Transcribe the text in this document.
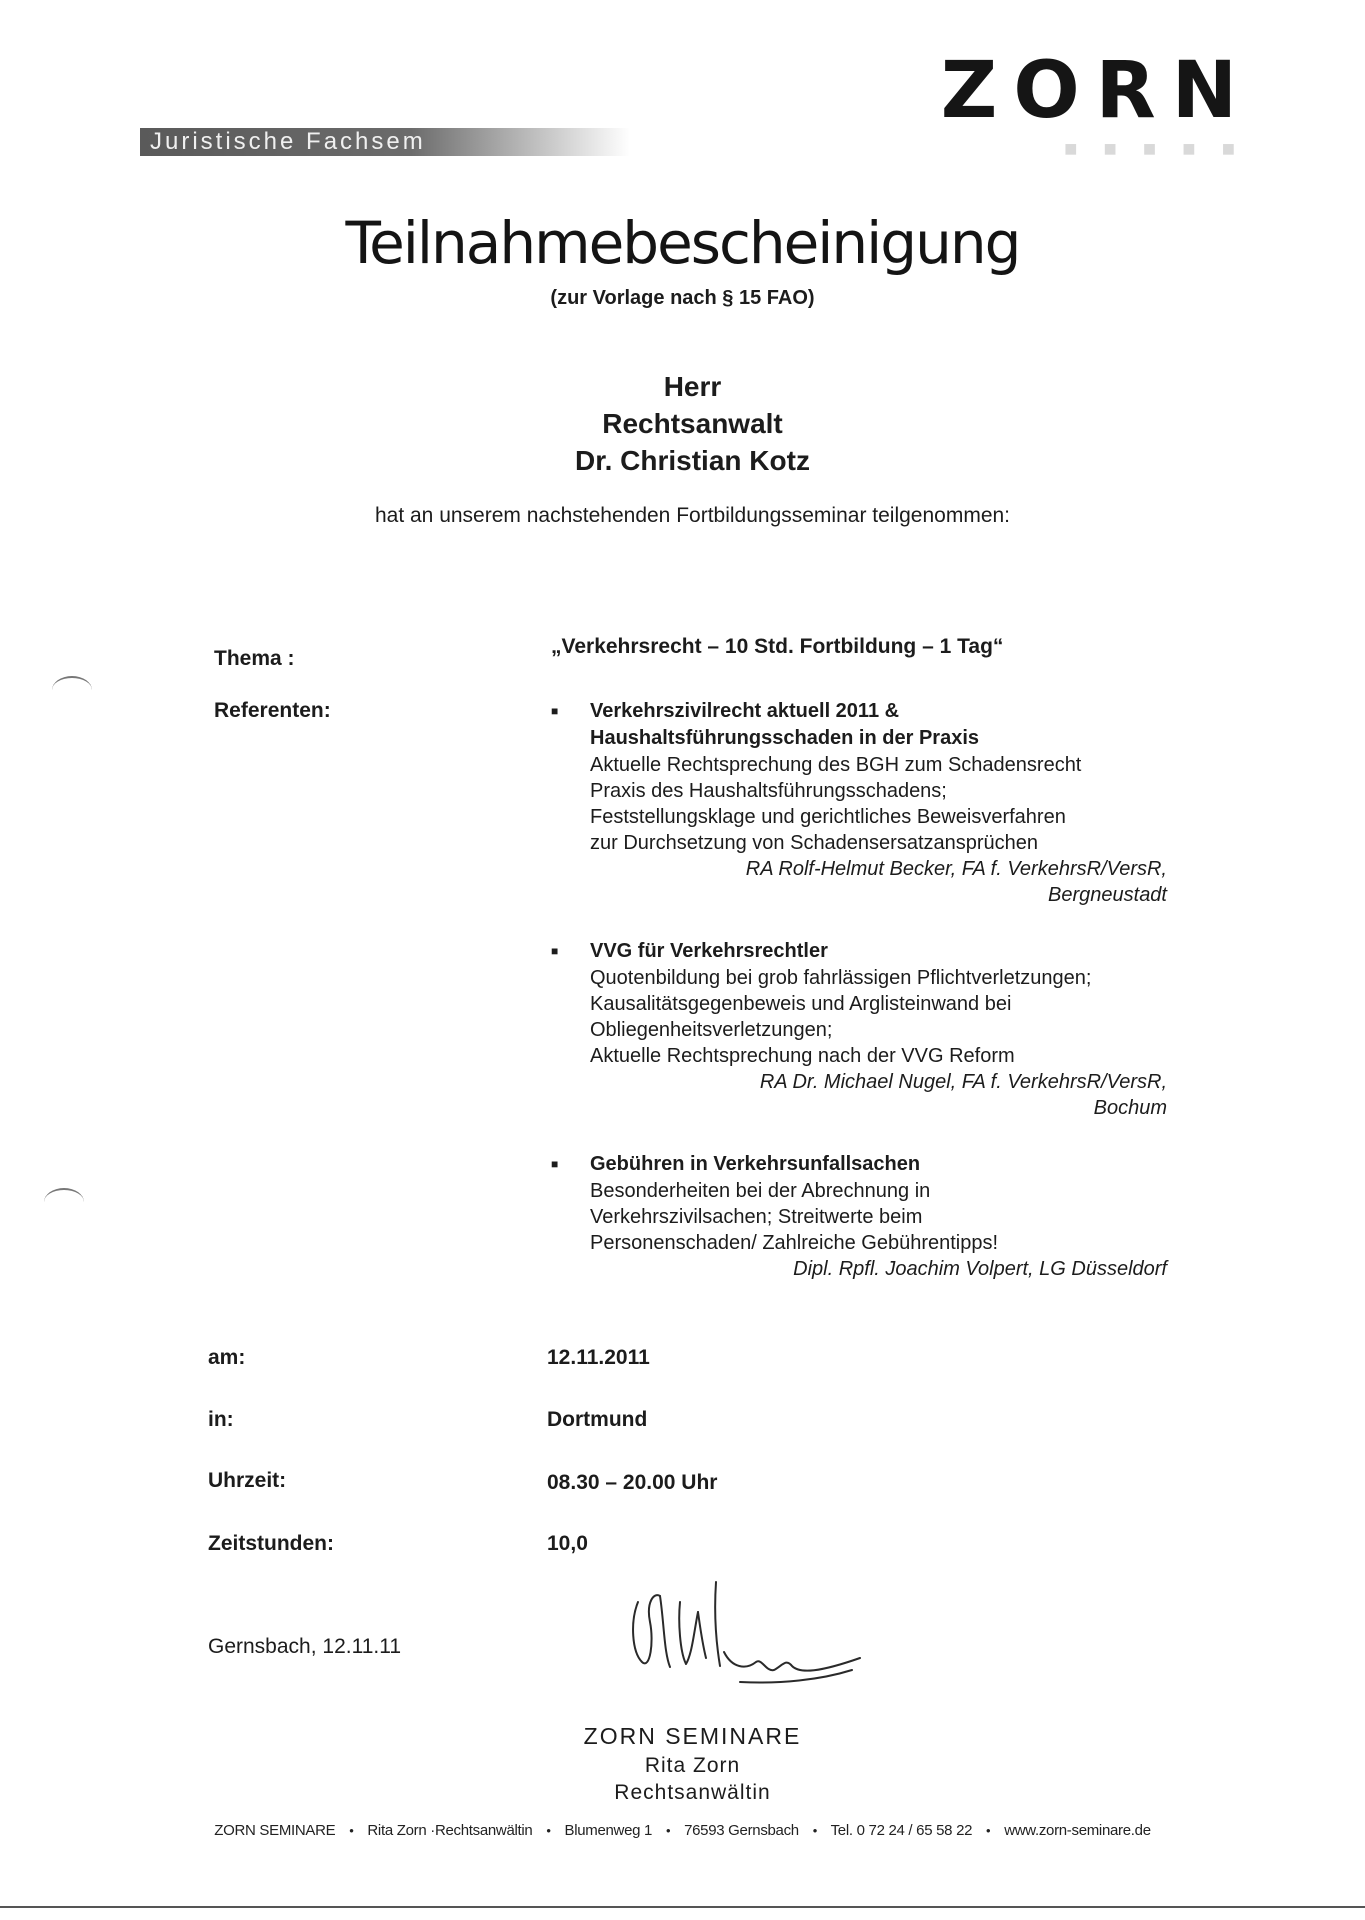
ZORN
■ ■ ■ ■ ■
Juristische Fachsem
Teilnahmebescheinigung
(zur Vorlage nach § 15 FAO)
Herr
Rechtsanwalt
Dr. Christian Kotz
hat an unserem nachstehenden Fortbildungsseminar teilgenommen:
Thema :
„Verkehrsrecht – 10 Std. Fortbildung – 1 Tag“
Referenten:	■ Verkehrszivilrecht aktuell 2011 &
Haushaltsführungsschaden in der Praxis
Aktuelle Rechtsprechung des BGH zum Schadensrecht
Praxis des Haushaltsführungsschadens;
Feststellungsklage und gerichtliches Beweisverfahren
zur Durchsetzung von Schadensersatzansprüchen
RA Rolf-Helmut Becker, FA f. VerkehrsR/VersR,
Bergneustadt
■ VVG für Verkehrsrechtler
Quotenbildung bei grob fahrlässigen Pflichtverletzungen;
Kausalitätsgegenbeweis und Arglisteinwand bei
Obliegenheitsverletzungen;
Aktuelle Rechtsprechung nach der VVG Reform
RA Dr. Michael Nugel, FA f. VerkehrsR/VersR,
Bochum
■ Gebühren in Verkehrsunfallsachen
Besonderheiten bei der Abrechnung in
Verkehrszivilsachen; Streitwerte beim
Personenschaden/ Zahlreiche Gebührentipps!
Dipl. Rpfl. Joachim Volpert, LG Düsseldorf
am:	12.11.2011
in:	Dortmund
Uhrzeit:	08.30 – 20.00 Uhr
Zeitstunden:	10,0
Gernsbach, 12.11.11
ZORN SEMINARE
Rita Zorn
Rechtsanwältin
ZORN SEMINARE • Rita Zorn ·Rechtsanwältin • Blumenweg 1 • 76593 Gernsbach • Tel. 0 72 24 / 65 58 22 • www.zorn-seminare.de
